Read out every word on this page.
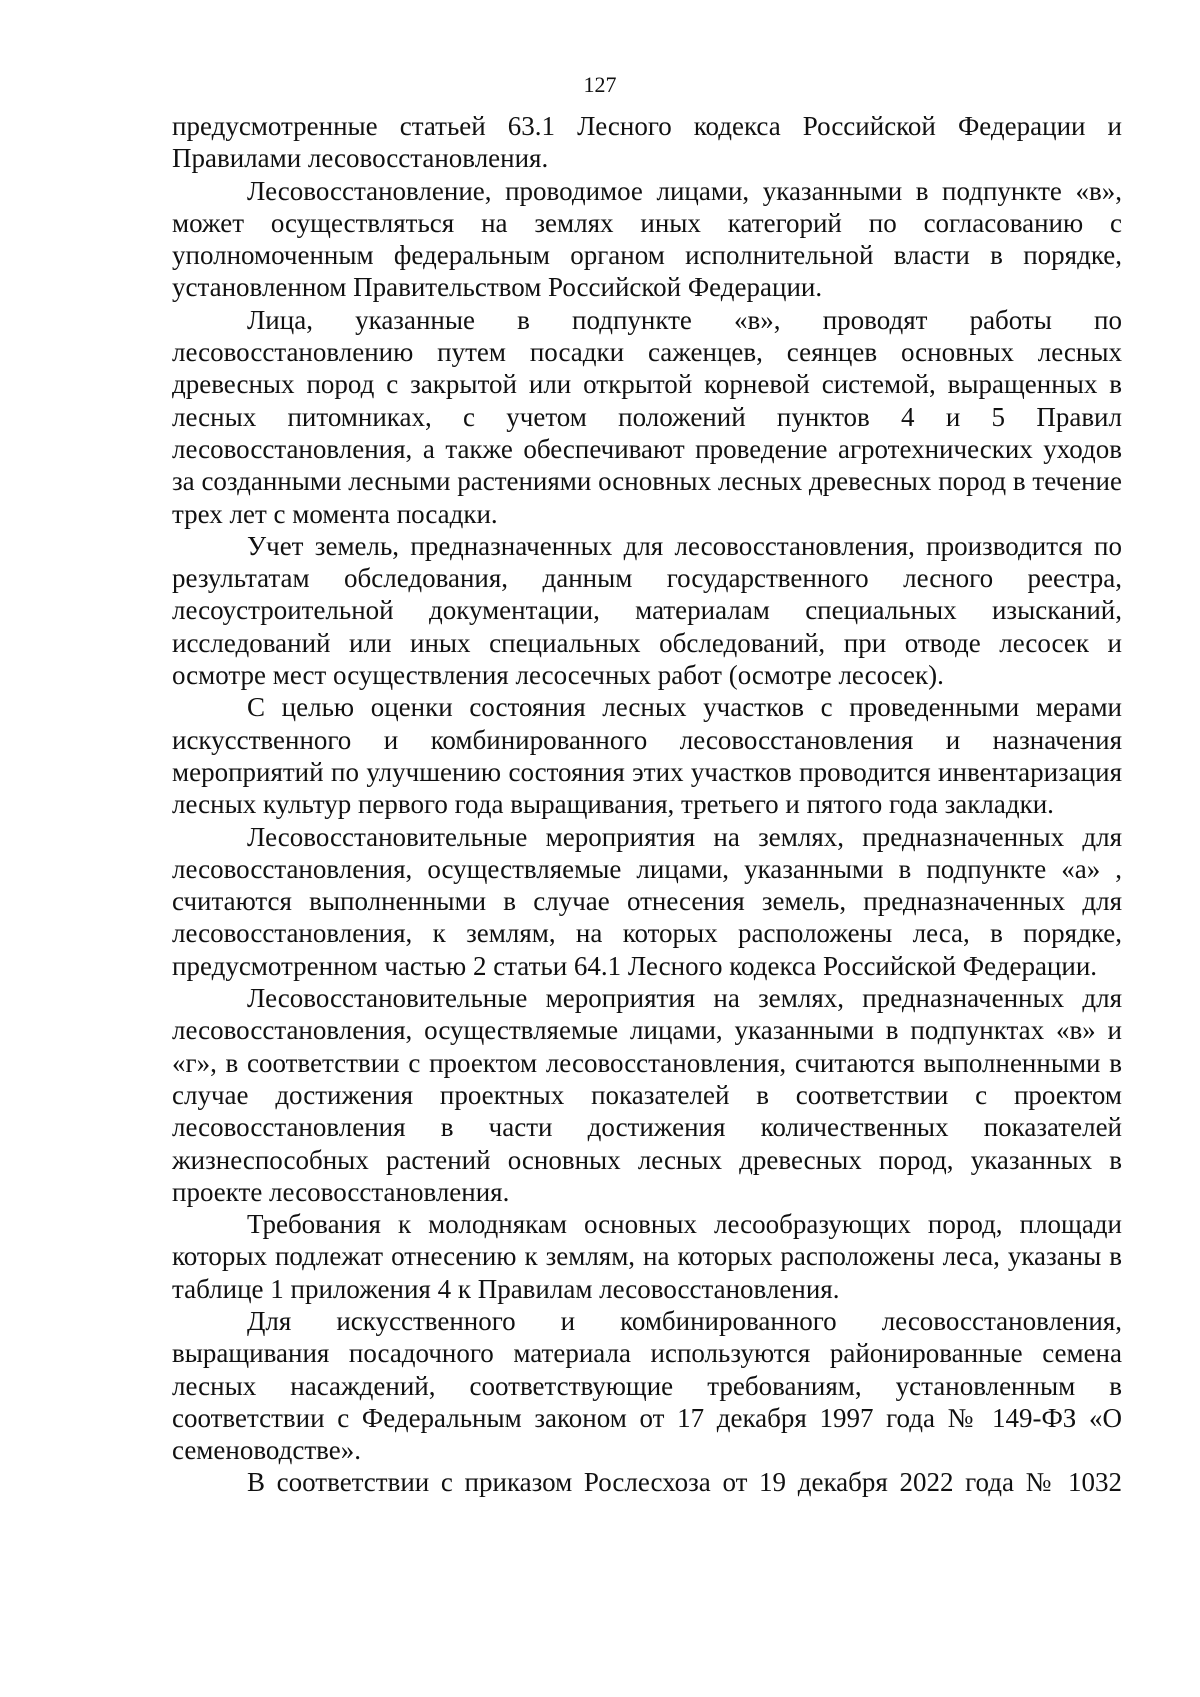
127

предусмотренные статьей 63.1 Лесного кодекса Российской Федерации и Правилами лесовосстановления.

Лесовосстановление, проводимое лицами, указанными в подпункте «в», может осуществляться на землях иных категорий по согласованию с уполномоченным федеральным органом исполнительной власти в порядке, установленном Правительством Российской Федерации.

Лица, указанные в подпункте «в», проводят работы по лесовосстановлению путем посадки саженцев, сеянцев основных лесных древесных пород с закрытой или открытой корневой системой, выращенных в лесных питомниках, с учетом положений пунктов 4 и 5 Правил лесовосстановления, а также обеспечивают проведение агротехнических уходов за созданными лесными растениями основных лесных древесных пород в течение трех лет с момента посадки.

Учет земель, предназначенных для лесовосстановления, производится по результатам обследования, данным государственного лесного реестра, лесоустроительной документации, материалам специальных изысканий, исследований или иных специальных обследований, при отводе лесосек и осмотре мест осуществления лесосечных работ (осмотре лесосек).

С целью оценки состояния лесных участков с проведенными мерами искусственного и комбинированного лесовосстановления и назначения мероприятий по улучшению состояния этих участков проводится инвентаризация лесных культур первого года выращивания, третьего и пятого года закладки.

Лесовосстановительные мероприятия на землях, предназначенных для лесовосстановления, осуществляемые лицами, указанными в подпункте «а» , считаются выполненными в случае отнесения земель, предназначенных для лесовосстановления, к землям, на которых расположены леса, в порядке, предусмотренном частью 2 статьи 64.1 Лесного кодекса Российской Федерации.

Лесовосстановительные мероприятия на землях, предназначенных для лесовосстановления, осуществляемые лицами, указанными в подпунктах «в» и «г», в соответствии с проектом лесовосстановления, считаются выполненными в случае достижения проектных показателей в соответствии с проектом лесовосстановления в части достижения количественных показателей жизнеспособных растений основных лесных древесных пород, указанных в проекте лесовосстановления.

Требования к молоднякам основных лесообразующих пород, площади которых подлежат отнесению к землям, на которых расположены леса, указаны в таблице 1 приложения 4 к Правилам лесовосстановления.

Для искусственного и комбинированного лесовосстановления, выращивания посадочного материала используются районированные семена лесных насаждений, соответствующие требованиям, установленным в соответствии с Федеральным законом от 17 декабря 1997 года № 149-ФЗ «О семеноводстве».

В соответствии с приказом Рослесхоза от 19 декабря 2022 года № 1032
